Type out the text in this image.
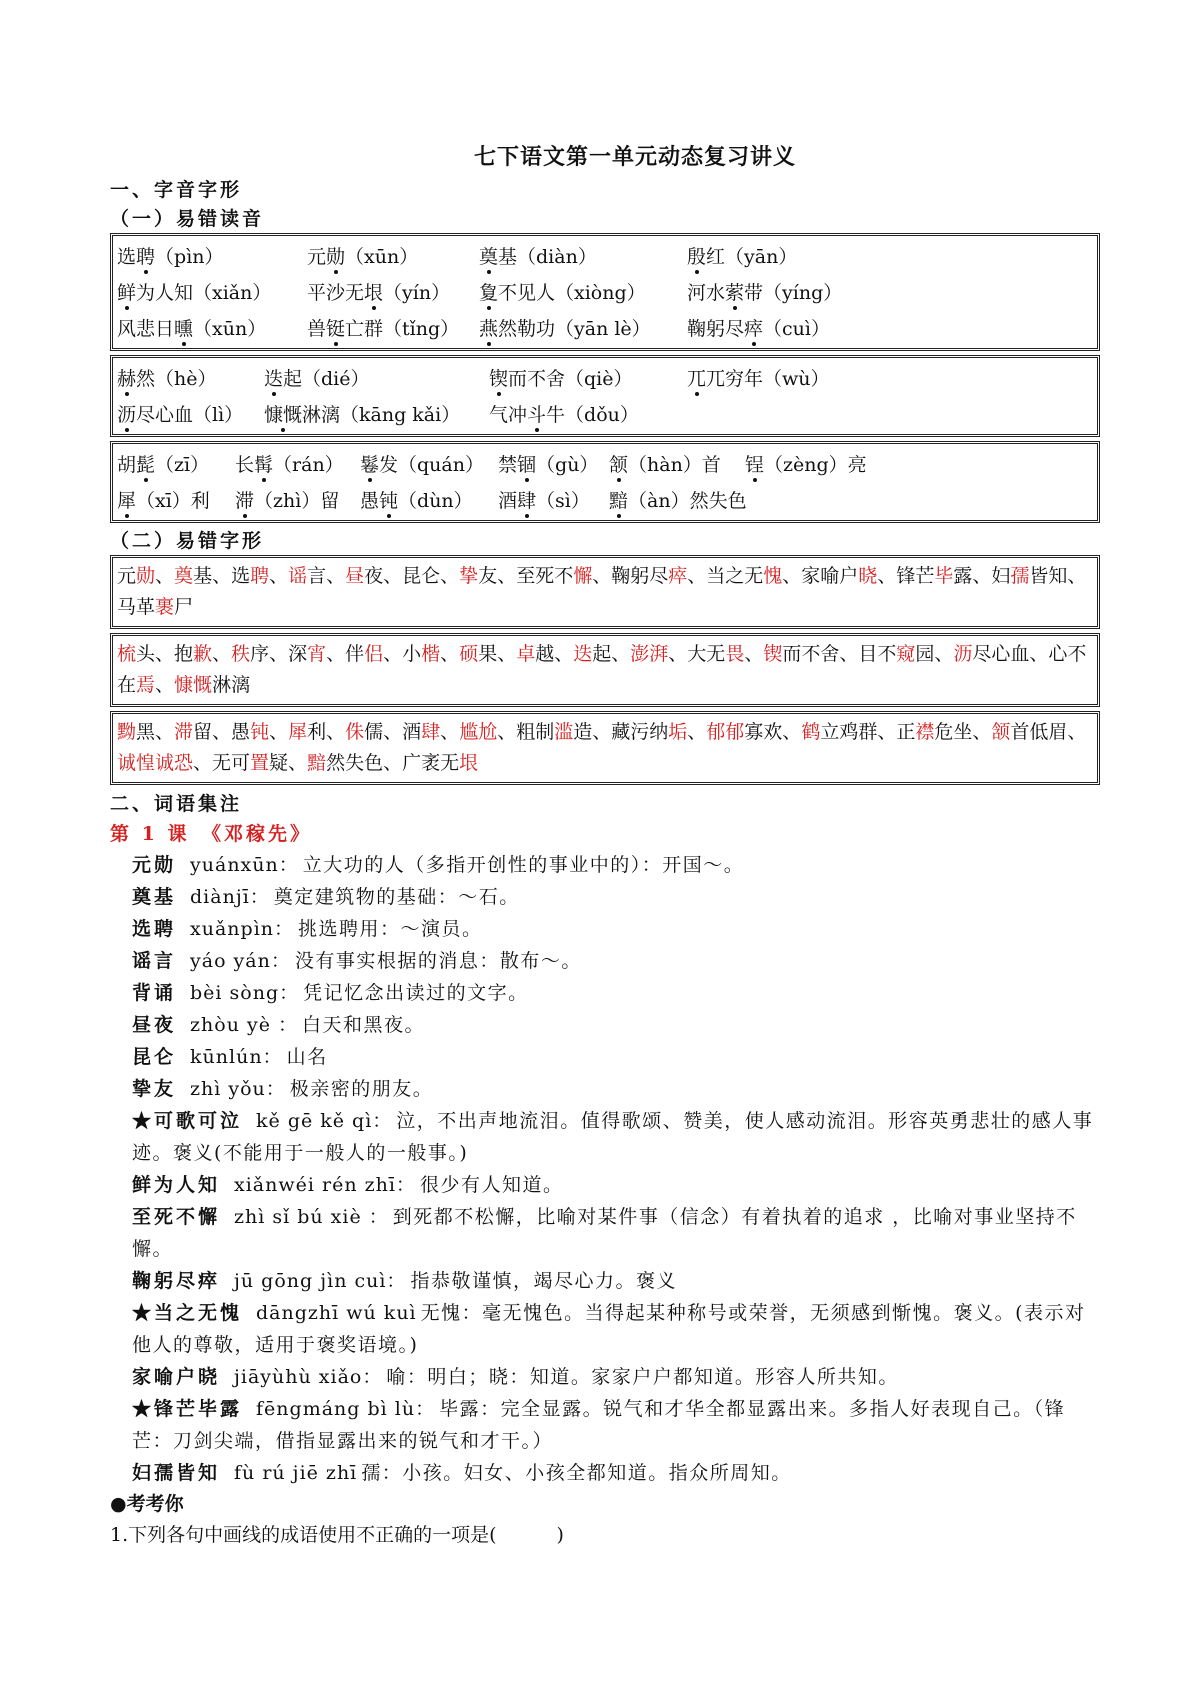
七下语文第一单元动态复习讲义
一、字音字形
（一）易错读音
选聘（pìn）	元勋（xūn）	奠基（diàn）	殷红（yān）
鲜为人知（xiǎn） 平沙无垠（yín） 夐不见人（xiòng） 河水萦带（yíng）
风悲日曛（xūn） 兽铤亡群（tǐng） 燕然勒功（yān lè） 鞠躬尽瘁（cuì）
赫然（hè）	迭起（dié）	锲而不舍（qiè）	兀兀穷年（wù）
沥尽心血（lì） 慷慨淋漓（kāng kǎi） 气冲斗牛（dǒu）
胡髭（zī） 长髯（rán） 鬈发（quán） 禁锢（gù） 颔（hàn）首 锃（zèng）亮
犀（xī）利 滞（zhì）留 愚钝（dùn） 酒肆（sì） 黯（àn）然失色
（二）易错字形
元勋、奠基、选聘、谣言、昼夜、昆仑、挚友、至死不懈、鞠躬尽瘁、当之无愧、家喻户晓、锋芒毕露、妇孺皆知、马革裹尸
梳头、抱歉、秩序、深宵、伴侣、小楷、硕果、卓越、迭起、澎湃、大无畏、锲而不舍、目不窥园、沥尽心血、心不在焉、慷慨淋漓
黝黑、滞留、愚钝、犀利、侏儒、酒肆、尴尬、粗制滥造、藏污纳垢、郁郁寡欢、鹤立鸡群、正襟危坐、颔首低眉、诚惶诚恐、无可置疑、黯然失色、广袤无垠
二、词语集注
第 1 课　《邓稼先》
元勋 yuánxūn： 立大功的人（多指开创性的事业中的）：开国～。
奠基 diànjī： 奠定建筑物的基础：～石。
选聘 xuǎnpìn： 挑选聘用：～演员。
谣言 yáo yán： 没有事实根据的消息：散布～。
背诵 bèi sòng： 凭记忆念出读过的文字。
昼夜 zhòu yè ： 白天和黑夜。
昆仑 kūnlún： 山名
挚友 zhì yǒu： 极亲密的朋友。
★可歌可泣 kě gē kě qì： 泣，不出声地流泪。值得歌颂、赞美，使人感动流泪。形容英勇悲壮的感人事迹。褒义(不能用于一般人的一般事。)
鲜为人知 xiǎnwéi rén zhī： 很少有人知道。
至死不懈 zhì sǐ bú xiè ： 到死都不松懈，比喻对某件事（信念）有着执着的追求 ，比喻对事业坚持不懈。
鞠躬尽瘁 jū gōng jìn cuì： 指恭敬谨慎，竭尽心力。褒义
★当之无愧 dāngzhī wú kuì 无愧：毫无愧色。当得起某种称号或荣誉，无须感到惭愧。褒义。(表示对他人的尊敬，适用于褒奖语境。)
家喻户晓 jiāyùhù xiǎo： 喻：明白；晓：知道。家家户户都知道。形容人所共知。
★锋芒毕露 fēngmáng bì lù： 毕露：完全显露。锐气和才华全都显露出来。多指人好表现自己。（锋芒：刀剑尖端，借指显露出来的锐气和才干。）
妇孺皆知 fù rú jiē zhī 孺：小孩。妇女、小孩全都知道。指众所周知。
●考考你
1.下列各句中画线的成语使用不正确的一项是(	)
